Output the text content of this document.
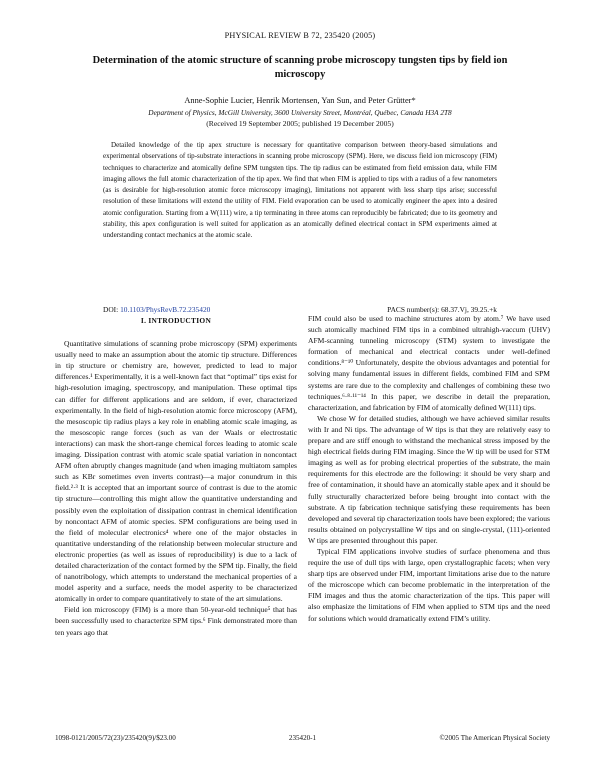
PHYSICAL REVIEW B 72, 235420 (2005)
Determination of the atomic structure of scanning probe microscopy tungsten tips by field ion microscopy
Anne-Sophie Lucier, Henrik Mortensen, Yan Sun, and Peter Grütter*
Department of Physics, McGill University, 3600 University Street, Montréal, Québec, Canada H3A 2T8
(Received 19 September 2005; published 19 December 2005)

Detailed knowledge of the tip apex structure is necessary for quantitative comparison between theory-based simulations and experimental observations of tip-substrate interactions in scanning probe microscopy (SPM). Here, we discuss field ion microscopy (FIM) techniques to characterize and atomically define SPM tungsten tips. The tip radius can be estimated from field emission data, while FIM imaging allows the full atomic characterization of the tip apex. We find that when FIM is applied to tips with a radius of a few nanometers (as is desirable for high-resolution atomic force microscopy imaging), limitations not apparent with less sharp tips arise; successful resolution of these limitations will extend the utility of FIM. Field evaporation can be used to atomically engineer the apex into a desired atomic configuration. Starting from a W(111) wire, a tip terminating in three atoms can reproducibly be fabricated; due to its geometry and stability, this apex configuration is well suited for application as an atomically defined electrical contact in SPM experiments aimed at understanding contact mechanics at the atomic scale.

DOI: 10.1103/PhysRevB.72.235420	PACS number(s): 68.37.Vj, 39.25.+k
I. INTRODUCTION

Quantitative simulations of scanning probe microscopy (SPM) experiments usually need to make an assumption about the atomic tip structure. Differences in tip structure or chemistry are, however, predicted to lead to major differences.¹ Experimentally, it is a well-known fact that “optimal” tips exist for high-resolution imaging, spectroscopy, and manipulation. These optimal tips can differ for different applications and are seldom, if ever, characterized experimentally. In the field of high-resolution atomic force microscopy (AFM), the mesoscopic tip radius plays a key role in enabling atomic scale imaging, as the mesoscopic range forces (such as van der Waals or electrostatic interactions) can mask the short-range chemical forces leading to atomic scale imaging. Dissipation contrast with atomic scale spatial variation in noncontact AFM often abruptly changes magnitude (and when imaging multiatom samples such as KBr sometimes even inverts contrast)—a major conundrum in this field.²·³ It is accepted that an important source of contrast is due to the atomic tip structure—controlling this might allow the quantitative understanding and possibly even the exploitation of dissipation contrast in chemical identification by noncontact AFM of atomic species. SPM configurations are being used in the field of molecular electronics⁴ where one of the major obstacles in quantitative understanding of the relationship between molecular structure and electronic properties (as well as issues of reproducibility) is due to a lack of detailed characterization of the contact formed by the SPM tip. Finally, the field of nanotribology, which attempts to understand the mechanical properties of a model asperity and a surface, needs the model asperity to be characterized atomically in order to compare quantitatively to state of the art simulations.

Field ion microscopy (FIM) is a more than 50-year-old technique⁵ that has been successfully used to characterize SPM tips.⁶ Fink demonstrated more than ten years ago that

FIM could also be used to machine structures atom by atom.⁷ We have used such atomically machined FIM tips in a combined ultrahigh-vaccum (UHV) AFM-scanning tunneling microscopy (STM) system to investigate the formation of mechanical and electrical contacts under well-defined conditions.⁸⁻¹⁰ Unfortunately, despite the obvious advantages and potential for solving many fundamental issues in different fields, combined FIM and SPM systems are rare due to the complexity and challenges of combining these two techniques.⁶·⁸·¹¹⁻¹⁴ In this paper, we describe in detail the preparation, characterization, and fabrication by FIM of atomically defined W(111) tips.

We chose W for detailed studies, although we have achieved similar results with Ir and Ni tips. The advantage of W tips is that they are relatively easy to prepare and are stiff enough to withstand the mechanical stress imposed by the high electrical fields during FIM imaging. Since the W tip will be used for STM imaging as well as for probing electrical properties of the substrate, the main requirements for this electrode are the following: it should be very sharp and free of contamination, it should have an atomically stable apex and it should be fully structurally characterized before being brought into contact with the substrate. A tip fabrication technique satisfying these requirements has been developed and several tip characterization tools have been explored; the various results obtained on polycrystalline W tips and on single-crystal, (111)-oriented W tips are presented throughout this paper.

Typical FIM applications involve studies of surface phenomena and thus require the use of dull tips with large, open crystallographic facets; when very sharp tips are observed under FIM, important limitations arise due to the nature of the microscope which can become problematic in the interpretation of the FIM images and thus the atomic characterization of the tips. This paper will also emphasize the limitations of FIM when applied to STM tips and the need for solutions which would dramatically extend FIM’s utility.

1098-0121/2005/72(23)/235420(9)/$23.00	235420-1	©2005 The American Physical Society
